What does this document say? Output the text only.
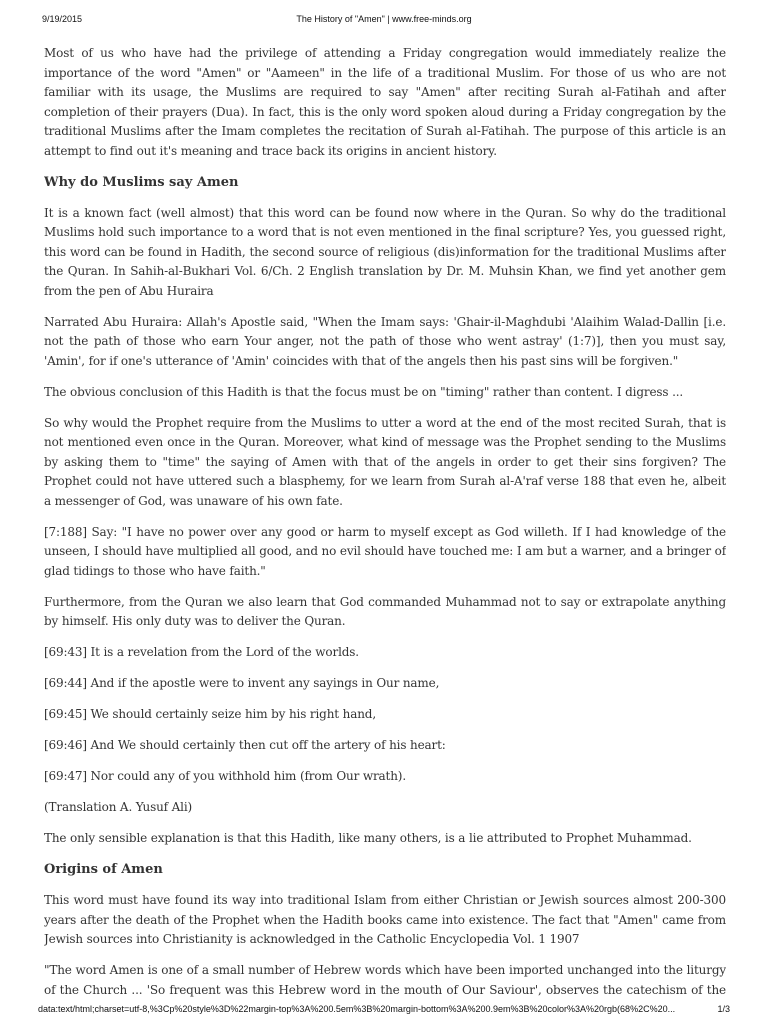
9/19/2015	The History of "Amen" | www.free-minds.org

Most of us who have had the privilege of attending a Friday congregation would immediately realize the importance of the word "Amen" or "Aameen" in the life of a traditional Muslim. For those of us who are not familiar with its usage, the Muslims are required to say "Amen" after reciting Surah al-Fatihah and after completion of their prayers (Dua). In fact, this is the only word spoken aloud during a Friday congregation by the traditional Muslims after the Imam completes the recitation of Surah al-Fatihah. The purpose of this article is an attempt to find out it's meaning and trace back its origins in ancient history.

Why do Muslims say Amen

It is a known fact (well almost) that this word can be found now where in the Quran. So why do the traditional Muslims hold such importance to a word that is not even mentioned in the final scripture? Yes, you guessed right, this word can be found in Hadith, the second source of religious (dis)information for the traditional Muslims after the Quran. In Sahih-al-Bukhari Vol. 6/Ch. 2 English translation by Dr. M. Muhsin Khan, we find yet another gem from the pen of Abu Huraira

Narrated Abu Huraira: Allah's Apostle said, "When the Imam says: 'Ghair-il-Maghdubi 'Alaihim Walad-Dallin [i.e. not the path of those who earn Your anger, not the path of those who went astray' (1:7)], then you must say, 'Amin', for if one's utterance of 'Amin' coincides with that of the angels then his past sins will be forgiven."

The obvious conclusion of this Hadith is that the focus must be on "timing" rather than content. I digress ...

So why would the Prophet require from the Muslims to utter a word at the end of the most recited Surah, that is not mentioned even once in the Quran. Moreover, what kind of message was the Prophet sending to the Muslims by asking them to "time" the saying of Amen with that of the angels in order to get their sins forgiven? The Prophet could not have uttered such a blasphemy, for we learn from Surah al-A'raf verse 188 that even he, albeit a messenger of God, was unaware of his own fate.

[7:188] Say: "I have no power over any good or harm to myself except as God willeth. If I had knowledge of the unseen, I should have multiplied all good, and no evil should have touched me: I am but a warner, and a bringer of glad tidings to those who have faith."

Furthermore, from the Quran we also learn that God commanded Muhammad not to say or extrapolate anything by himself. His only duty was to deliver the Quran.

[69:43] It is a revelation from the Lord of the worlds.

[69:44] And if the apostle were to invent any sayings in Our name,

[69:45] We should certainly seize him by his right hand,

[69:46] And We should certainly then cut off the artery of his heart:

[69:47] Nor could any of you withhold him (from Our wrath).

(Translation A. Yusuf Ali)

The only sensible explanation is that this Hadith, like many others, is a lie attributed to Prophet Muhammad.

Origins of Amen

This word must have found its way into traditional Islam from either Christian or Jewish sources almost 200-300 years after the death of the Prophet when the Hadith books came into existence. The fact that "Amen" came from Jewish sources into Christianity is acknowledged in the Catholic Encyclopedia Vol. 1 1907

"The word Amen is one of a small number of Hebrew words which have been imported unchanged into the liturgy of the Church ... 'So frequent was this Hebrew word in the mouth of Our Saviour', observes the catechism of the

data:text/html;charset=utf-8,%3Cp%20style%3D%22margin-top%3A%200.5em%3B%20margin-bottom%3A%200.9em%3B%20color%3A%20rgb(68%2C%20...	1/3
